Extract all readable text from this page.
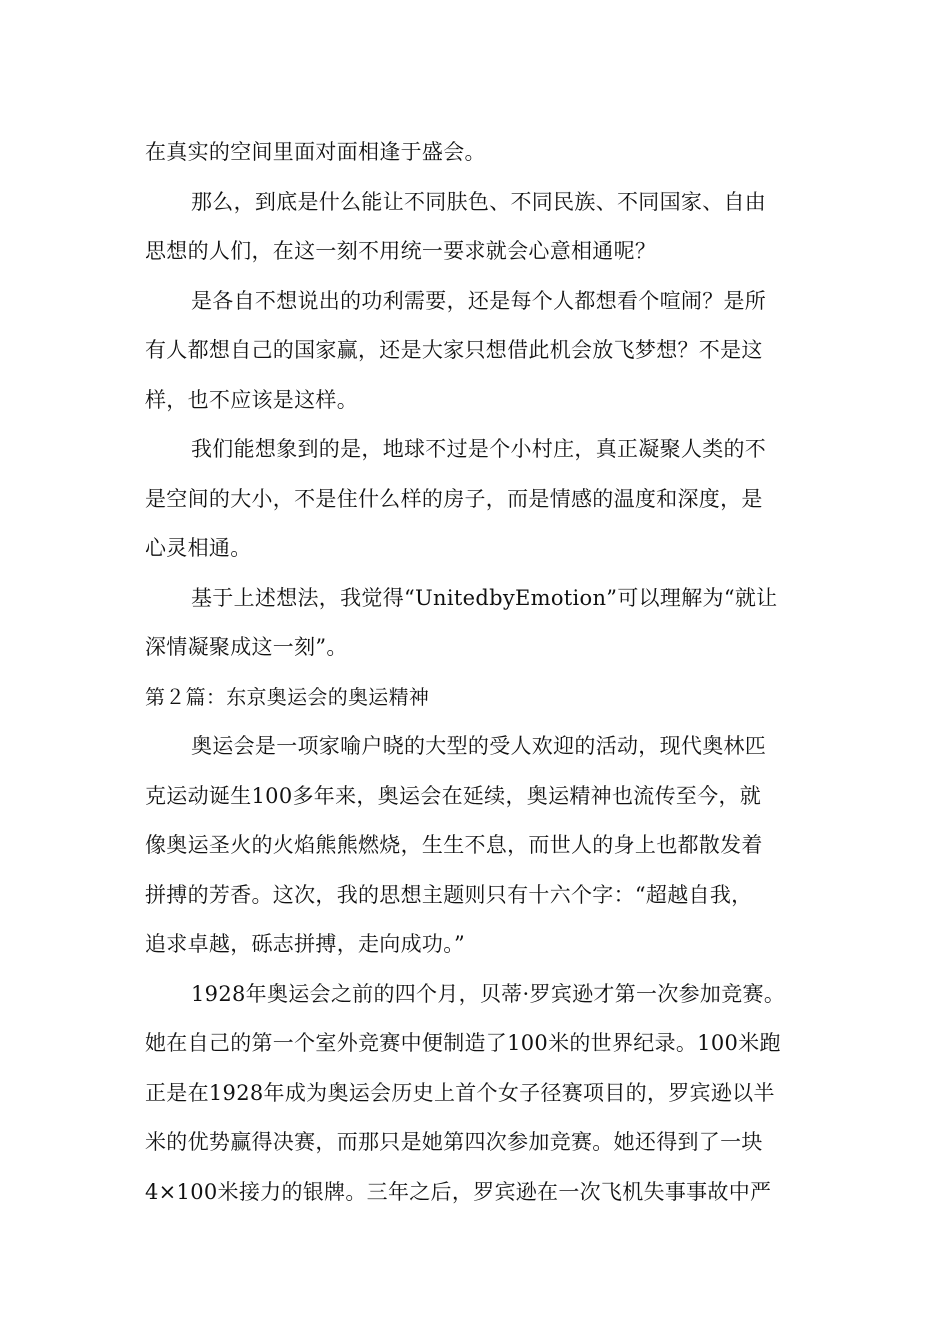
在真实的空间里面对面相逢于盛会。
那么，到底是什么能让不同肤色、不同民族、不同国家、自由
思想的人们，在这一刻不用统一要求就会心意相通呢？
是各自不想说出的功利需要，还是每个人都想看个喧闹？是所
有人都想自己的国家赢，还是大家只想借此机会放飞梦想？不是这
样，也不应该是这样。
我们能想象到的是，地球不过是个小村庄，真正凝聚人类的不
是空间的大小，不是住什么样的房子，而是情感的温度和深度，是
心灵相通。
基于上述想法，我觉得“UnitedbyEmotion”可以理解为“就让
深情凝聚成这一刻”。
第２篇：东京奥运会的奥运精神
奥运会是一项家喻户晓的大型的受人欢迎的活动，现代奥林匹
克运动诞生100多年来，奥运会在延续，奥运精神也流传至今，就
像奥运圣火的火焰熊熊燃烧，生生不息，而世人的身上也都散发着
拼搏的芳香。这次，我的思想主题则只有十六个字：“超越自我，
追求卓越，砾志拼搏，走向成功。”
1928年奥运会之前的四个月，贝蒂·罗宾逊才第一次参加竞赛。
她在自己的第一个室外竞赛中便制造了100米的世界纪录。100米跑
正是在1928年成为奥运会历史上首个女子径赛项目的，罗宾逊以半
米的优势赢得决赛，而那只是她第四次参加竞赛。她还得到了一块
4×100米接力的银牌。三年之后，罗宾逊在一次飞机失事事故中严
